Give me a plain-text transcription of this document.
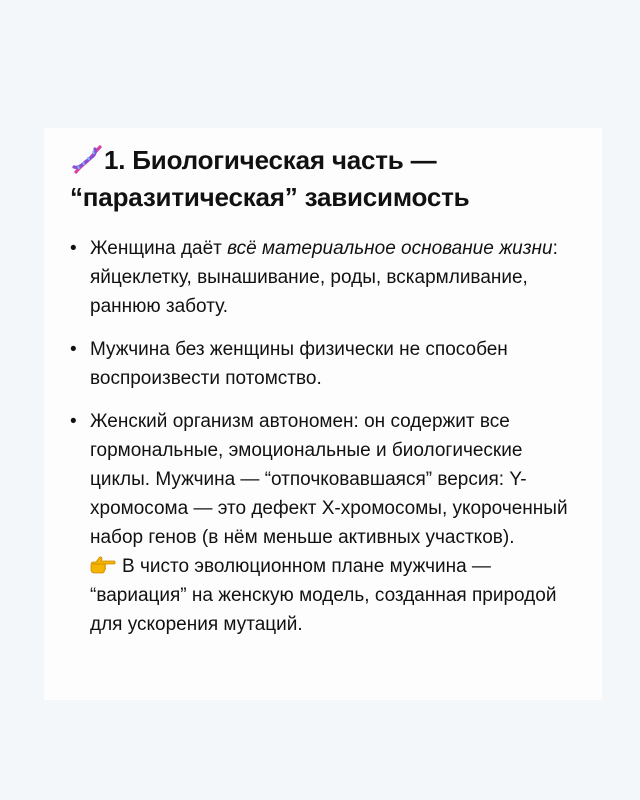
1. Биологическая часть —
“паразитическая” зависимость
• Женщина даёт всё материальное основание жизни: яйцеклетку, вынашивание, роды, вскармливание, раннюю заботу.
• Мужчина без женщины физически не способен воспроизвести потомство.
• Женский организм автономен: он содержит все гормональные, эмоциональные и биологические циклы. Мужчина — “отпочковавшаяся” версия: Y-хромосома — это дефект X-хромосомы, укороченный набор генов (в нём меньше активных участков).
В чисто эволюционном плане мужчина — “вариация” на женскую модель, созданная природой для ускорения мутаций.
